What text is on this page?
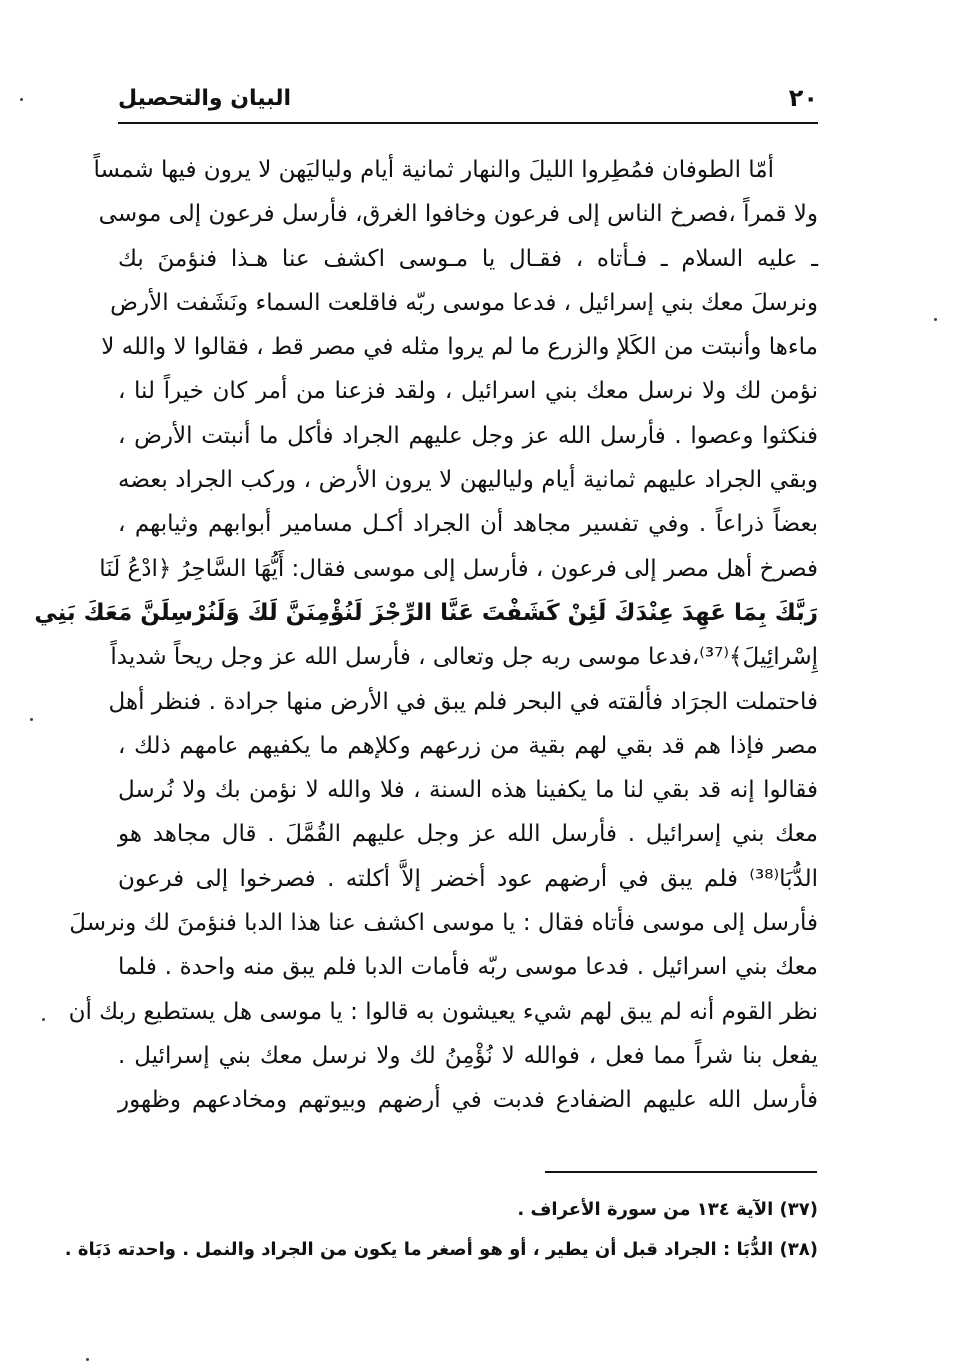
٢٠
البيان والتحصيل
أمّا الطوفان فمُطِروا الليلَ والنهار ثمانية أيام ولياليَهن لا يرون فيها شمساً
ولا قمراً ،فصرخ الناس إلى فرعون وخافوا الغرق، فأرسل فرعون إلى موسى
ـ عليه السلام ـ فـأتاه ، فقـال يا مـوسى اكشف عنا هـذا فنؤمنَ بك
ونرسلَ معك بني إسرائيل ، فدعا موسى ربّه فاقلعت السماء ونَشَفت الأرض
ماءها وأنبتت من الكَلإ والزرع ما لم يروا مثله في مصر قط ، فقالوا لا والله لا
نؤمن لك ولا نرسل معك بني اسرائيل ، ولقد فزعنا من أمر كان خيراً لنا ،
فنكثوا وعصوا . فأرسل الله عز وجل عليهم الجراد فأكل ما أنبتت الأرض ،
وبقي الجراد عليهم ثمانية أيام ولياليهن لا يرون الأرض ، وركب الجراد بعضه
بعضاً ذراعاً . وفي تفسير مجاهد أن الجراد أكـل مسامير أبوابهم وثيابهم ،
فصرخ أهل مصر إلى فرعون ، فأرسل إلى موسى فقال: أَيُّهَا السَّاحِرُ ﴿ادْعُ لَنَا
رَبَّكَ بِمَا عَهِدَ عِنْدَكَ لَئِنْ كَشَفْتَ عَنَّا الرِّجْزَ لَنُؤْمِنَنَّ لَكَ وَلَنُرْسِلَنَّ مَعَكَ بَنِي
إِسْرائِيلَ﴾⁽³⁷⁾،فدعا موسى ربه جل وتعالى ، فأرسل الله عز وجل ريحاً شديداً
فاحتملت الجرَاد فألقته في البحر فلم يبق في الأرض منها جرادة . فنظر أهل
مصر فإذا هم قد بقي لهم بقية من زرعهم وكلإهم ما يكفيهم عامهم ذلك ،
فقالوا إنه قد بقي لنا ما يكفينا هذه السنة ، فلا والله لا نؤمن بك ولا نُرسل
معك بني إسرائيل . فأرسل الله عز وجل عليهم القُمَّلَ . قال مجاهد هو
الدُّبَا⁽³⁸⁾ فلم يبق في أرضهم عود أخضر إلاَّ أكلته . فصرخوا إلى فرعون
فأرسل إلى موسى فأتاه فقال : يا موسى اكشف عنا هذا الدبا فنؤمنَ لك ونرسلَ
معك بني اسرائيل . فدعا موسى ربّه فأمات الدبا فلم يبق منه واحدة . فلما
نظر القوم أنه لم يبق لهم شيء يعيشون به قالوا : يا موسى هل يستطيع ربك أن
يفعل بنا شراً مما فعل ، فوالله لا نُؤْمِنُ لك ولا نرسل معك بني إسرائيل .
فأرسل الله عليهم الضفادع فدبت في أرضهم وبيوتهم ومخادعهم وظهور
(٣٧) الآية ١٣٤ من سورة الأعراف .
(٣٨) الدُّبَا : الجراد قبل أن يطير ، أو هو أصغر ما يكون من الجراد والنمل . واحدته دَبَاة .
